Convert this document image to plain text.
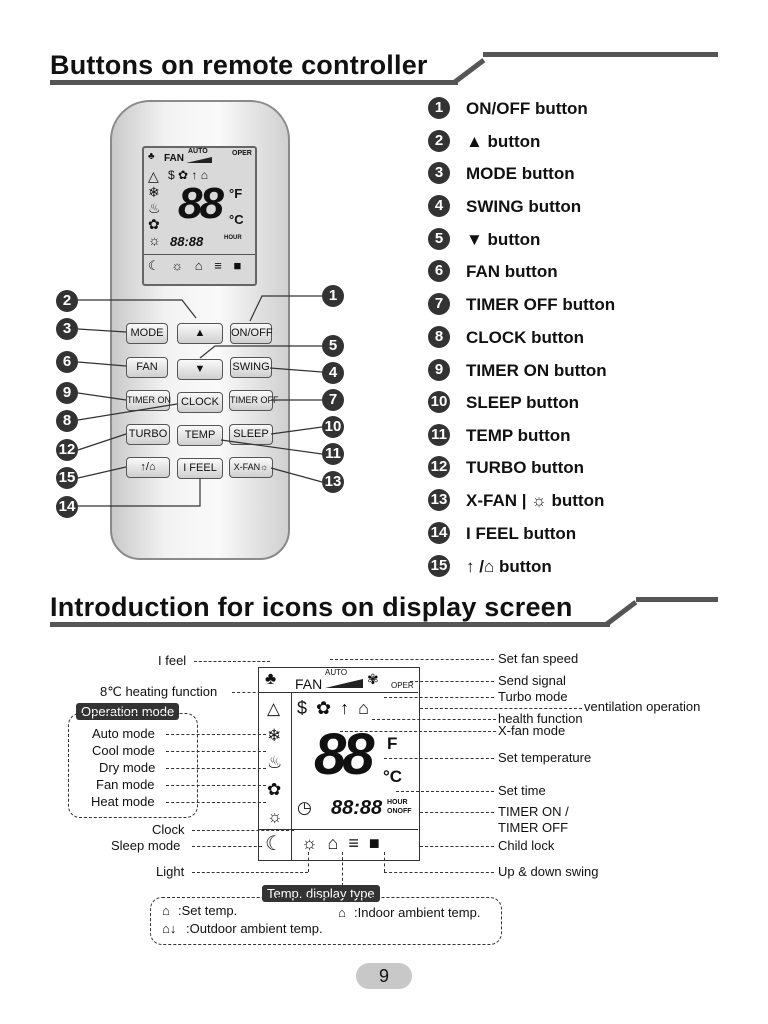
Buttons on remote controller
♣ FAN
AUTO	OPER
△
❄
♨
✿
☼
$ ✿ ↑ ⌂
88 °F
°C
88:88	HOUR
☾ ☼ ⌂ ≡ ■
MODE	▲	ON/OFF
FAN	▼	SWING
TIMER ON CLOCK	TIMER OFF
TURBO	TEMP	SLEEP
↑/⌂	I FEEL	X-FAN☼
2
3
6
9
8
12
15
14
1
5
4
7
10
11
13
1	ON/OFF button
2	▲ button
3	MODE button
4	SWING button
5	▼ button
6	FAN button
7	TIMER OFF button
8	CLOCK button
9	TIMER ON button
10 SLEEP button
11 TEMP button
12 TURBO button
13 X-FAN | ☼ button
14 I FEEL button
15 ↑ /⌂ button
Introduction for icons on display screen
♣ FAN
AUTO ✾ OPER
△
❄
♨
✿
☼
$✿↑⌂
88 F
°C
◷ 88:88 HOUR
ONOFF
☾ ☼⌂≡■
I feel
8℃ heating function
Operation mode
Auto mode
Cool mode
Dry mode
Fan mode
Heat mode
Clock
Sleep mode
Light
Set fan speed
Send signal
Turbo mode
ventilation operation
health function
X-fan mode
Set temperature
Set time
TIMER ON /
TIMER OFF
Child lock
Up & down swing
Temp. display type
⌂ :Set temp.	⌂ :Indoor ambient temp.
⌂↓ :Outdoor ambient temp.
9
